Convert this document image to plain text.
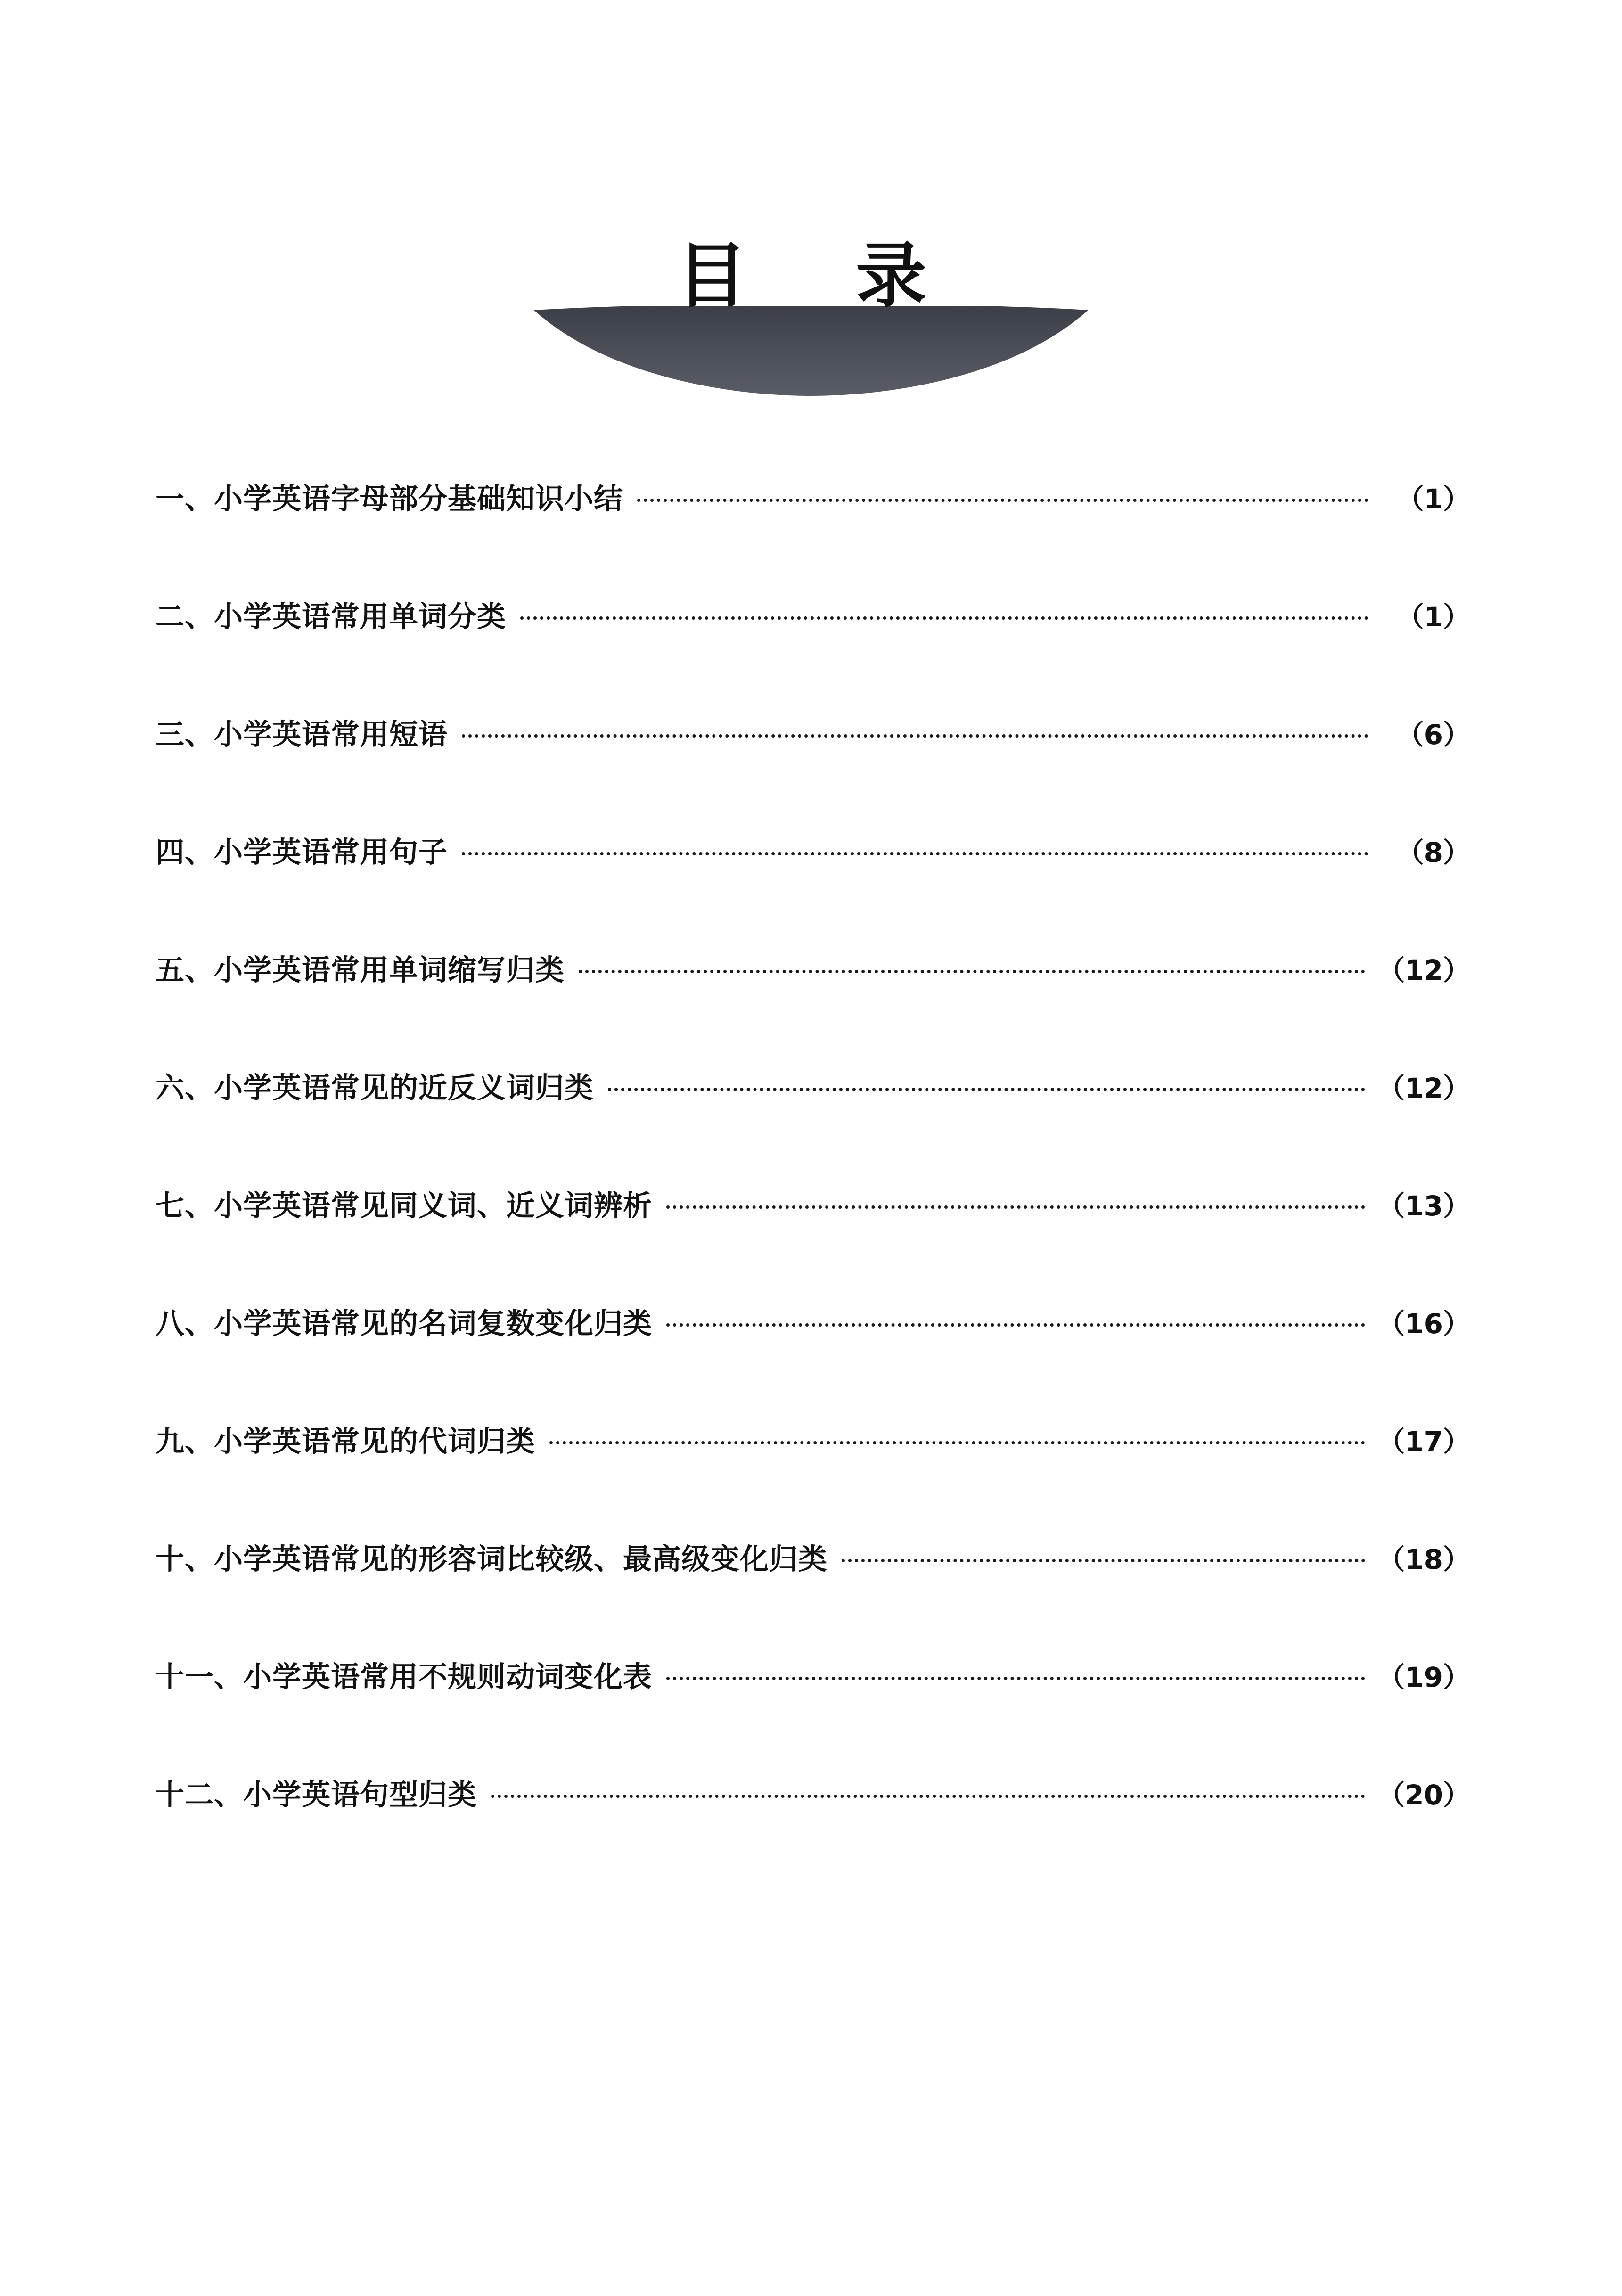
目　录
一、小学英语字母部分基础知识小结	（1）
二、小学英语常用单词分类	（1）
三、小学英语常用短语	（6）
四、小学英语常用句子	（8）
五、小学英语常用单词缩写归类	（12）
六、小学英语常见的近反义词归类	（12）
七、小学英语常见同义词、近义词辨析	（13）
八、小学英语常见的名词复数变化归类	（16）
九、小学英语常见的代词归类	（17）
十、小学英语常见的形容词比较级、最高级变化归类	（18）
十一、小学英语常用不规则动词变化表	（19）
十二、小学英语句型归类	（20）
